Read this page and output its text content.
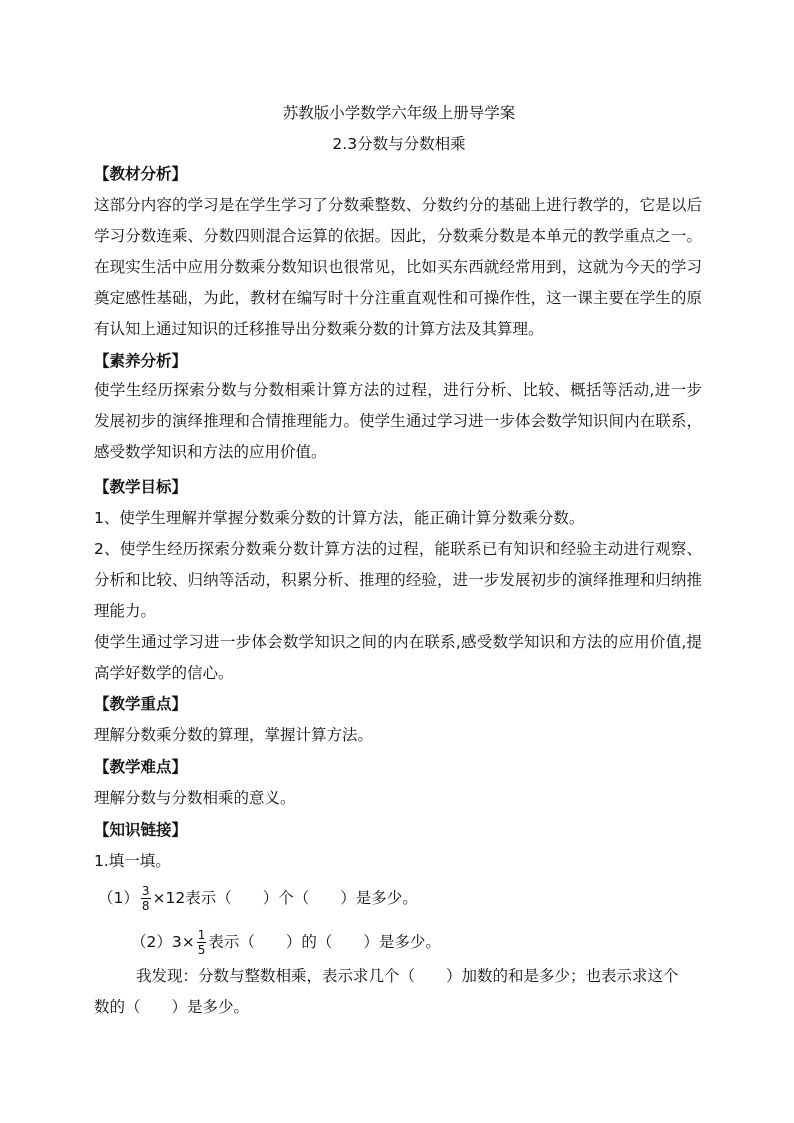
苏教版小学数学六年级上册导学案
2.3分数与分数相乘
【教材分析】
这部分内容的学习是在学生学习了分数乘整数、分数约分的基础上进行教学的，它是以后学习分数连乘、分数四则混合运算的依据。因此，分数乘分数是本单元的教学重点之一。在现实生活中应用分数乘分数知识也很常见，比如买东西就经常用到，这就为今天的学习奠定感性基础，为此，教材在编写时十分注重直观性和可操作性，这一课主要在学生的原有认知上通过知识的迁移推导出分数乘分数的计算方法及其算理。
【素养分析】
使学生经历探索分数与分数相乘计算方法的过程，进行分析、比较、概括等活动,进一步发展初步的演绎推理和合情推理能力。使学生通过学习进一步体会数学知识间内在联系，感受数学知识和方法的应用价值。
【教学目标】
1、使学生理解并掌握分数乘分数的计算方法，能正确计算分数乘分数。
2、使学生经历探索分数乘分数计算方法的过程，能联系已有知识和经验主动进行观察、分析和比较、归纳等活动，积累分析、推理的经验，进一步发展初步的演绎推理和归纳推理能力。
使学生通过学习进一步体会数学知识之间的内在联系,感受数学知识和方法的应用价值,提高学好数学的信心。
【教学重点】
理解分数乘分数的算理，掌握计算方法。
【教学难点】
理解分数与分数相乘的意义。
【知识链接】
1.填一填。
$(1) \frac{3}{8} \times 12$表示（　　）个（　　）是多少。
$(2)3\times \frac{1}{5}$ 表示（　　）的（　　）是多少。
我发现：分数与整数相乘，表示求几个（　　）加数的和是多少；也表示求这个
数的（　　）是多少。
